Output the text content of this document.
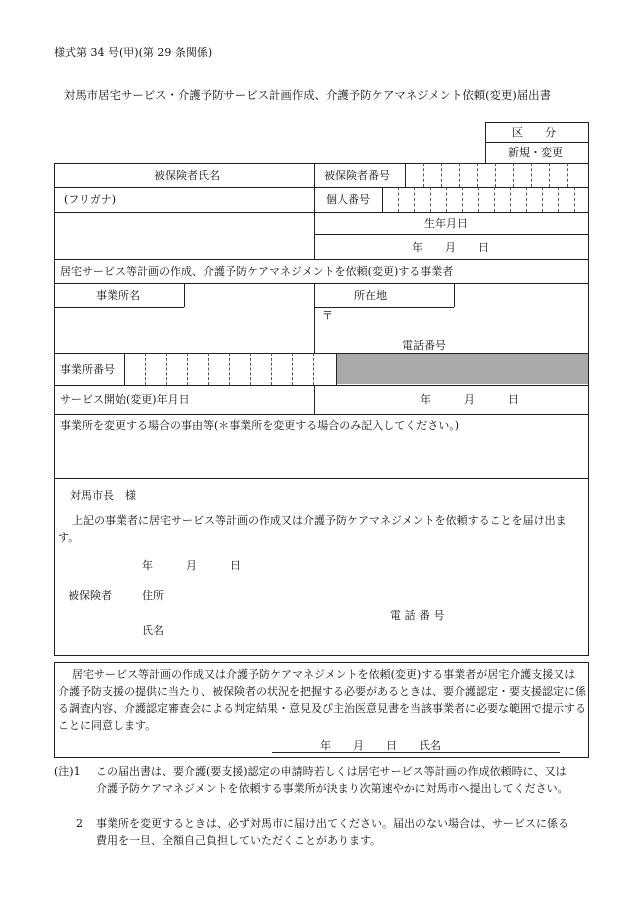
様式第 34 号(甲)(第 29 条関係)
対馬市居宅サービス・介護予防サービス計画作成、介護予防ケアマネジメント依頼(変更)届出書
区　　分
新規・変更
被保険者氏名	被保険者番号
(フリガナ)	個人番号
生年月日
年　　月　　日
居宅サービス等計画の作成、介護予防ケアマネジメントを依頼(変更)する事業者
事業所名	所在地
〒
電話番号
事業所番号
サービス開始(変更)年月日	年　　　月　　　日
事業所を変更する場合の事由等(＊事業所を変更する場合のみ記入してください。)
対馬市長　様
上記の事業者に居宅サービス等計画の作成又は介護予防ケアマネジメントを依頼することを届け出ます。
年　　　月　　　日
被保険者	住所
電 話 番 号
氏名
居宅サービス等計画の作成又は介護予防ケアマネジメントを依頼(変更)する事業者が居宅介護支援又は介護予防支援の提供に当たり、被保険者の状況を把握する必要があるときは、要介護認定・要支援認定に係る調査内容、介護認定審査会による判定結果・意見及び主治医意見書を当該事業者に必要な範囲で提示することに同意します。
年　　月　　日　　氏名
(注)1	この届出書は、要介護(要支援)認定の申請時若しくは居宅サービス等計画の作成依頼時に、又は介護予防ケアマネジメントを依頼する事業所が決まり次第速やかに対馬市へ提出してください。
2	事業所を変更するときは、必ず対馬市に届け出てください。届出のない場合は、サービスに係る費用を一旦、全額自己負担していただくことがあります。
